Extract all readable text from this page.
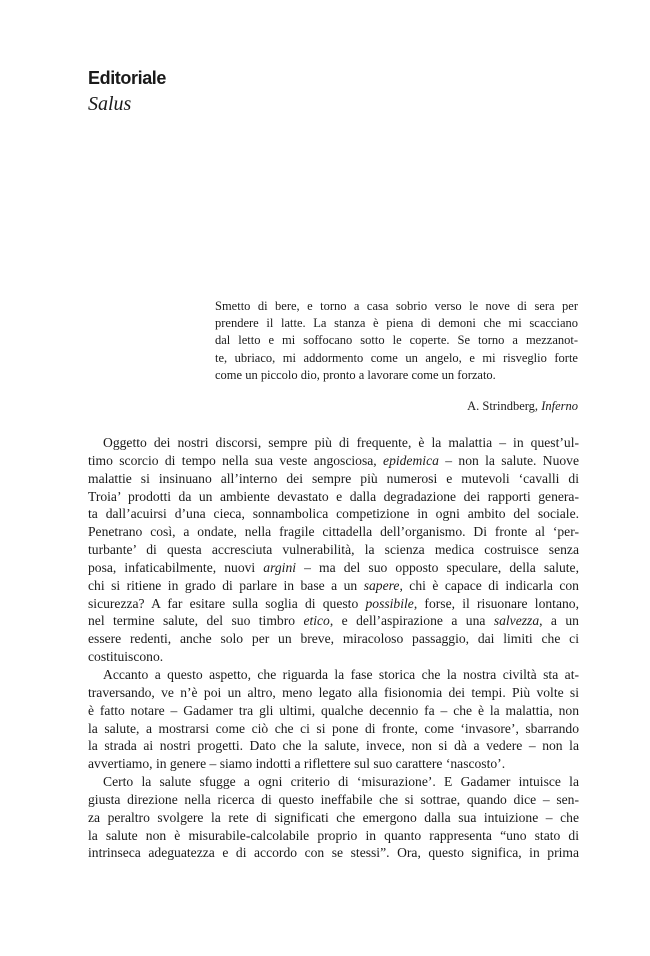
Editoriale
Salus
Smetto di bere, e torno a casa sobrio verso le nove di sera per
prendere il latte. La stanza è piena di demoni che mi scacciano
dal letto e mi soffocano sotto le coperte. Se torno a mezzanot-
te, ubriaco, mi addormento come un angelo, e mi risveglio forte
come un piccolo dio, pronto a lavorare come un forzato.
A. Strindberg, Inferno
Oggetto dei nostri discorsi, sempre più di frequente, è la malattia – in quest’ul-
timo scorcio di tempo nella sua veste angosciosa, epidemica – non la salute. Nuove
malattie si insinuano all’interno dei sempre più numerosi e mutevoli ‘cavalli di
Troia’ prodotti da un ambiente devastato e dalla degradazione dei rapporti genera-
ta dall’acuirsi d’una cieca, sonnambolica competizione in ogni ambito del sociale.
Penetrano così, a ondate, nella fragile cittadella dell’organismo. Di fronte al ‘per-
turbante’ di questa accresciuta vulnerabilità, la scienza medica costruisce senza
posa, infaticabilmente, nuovi argini – ma del suo opposto speculare, della salute,
chi si ritiene in grado di parlare in base a un sapere, chi è capace di indicarla con
sicurezza? A far esitare sulla soglia di questo possibile, forse, il risuonare lontano,
nel termine salute, del suo timbro etico, e dell’aspirazione a una salvezza, a un
essere redenti, anche solo per un breve, miracoloso passaggio, dai limiti che ci
costituiscono.
Accanto a questo aspetto, che riguarda la fase storica che la nostra civiltà sta at-
traversando, ve n’è poi un altro, meno legato alla fisionomia dei tempi. Più volte si
è fatto notare – Gadamer tra gli ultimi, qualche decennio fa – che è la malattia, non
la salute, a mostrarsi come ciò che ci si pone di fronte, come ‘invasore’, sbarrando
la strada ai nostri progetti. Dato che la salute, invece, non si dà a vedere – non la
avvertiamo, in genere – siamo indotti a riflettere sul suo carattere ‘nascosto’.
Certo la salute sfugge a ogni criterio di ‘misurazione’. E Gadamer intuisce la
giusta direzione nella ricerca di questo ineffabile che si sottrae, quando dice – sen-
za peraltro svolgere la rete di significati che emergono dalla sua intuizione – che
la salute non è misurabile-calcolabile proprio in quanto rappresenta “uno stato di
intrinseca adeguatezza e di accordo con se stessi”. Ora, questo significa, in prima
